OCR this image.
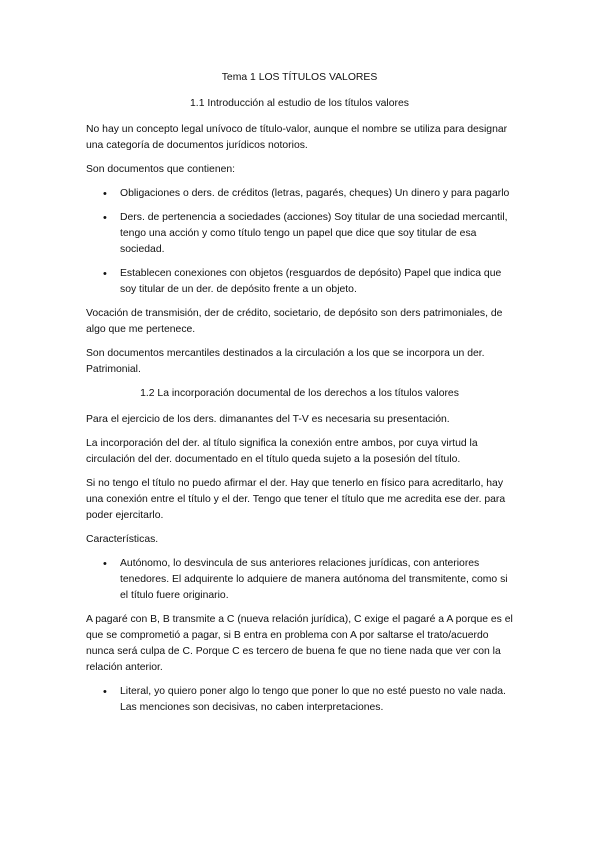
Tema 1 LOS TÍTULOS VALORES

1.1 Introducción al estudio de los títulos valores

No hay un concepto legal unívoco de título-valor, aunque el nombre se utiliza para designar una categoría de documentos jurídicos notorios.

Son documentos que contienen:

• Obligaciones o ders. de créditos (letras, pagarés, cheques) Un dinero y para pagarlo
• Ders. de pertenencia a sociedades (acciones) Soy titular de una sociedad mercantil, tengo una acción y como título tengo un papel que dice que soy titular de esa sociedad.
• Establecen conexiones con objetos (resguardos de depósito) Papel que indica que soy titular de un der. de depósito frente a un objeto.

Vocación de transmisión, der de crédito, societario, de depósito son ders patrimoniales, de algo que me pertenece.

Son documentos mercantiles destinados a la circulación a los que se incorpora un der. Patrimonial.

1.2 La incorporación documental de los derechos a los títulos valores

Para el ejercicio de los ders. dimanantes del T-V es necesaria su presentación.

La incorporación del der. al título significa la conexión entre ambos, por cuya virtud la circulación del der. documentado en el título queda sujeto a la posesión del título.

Si no tengo el título no puedo afirmar el der. Hay que tenerlo en físico para acreditarlo, hay una conexión entre el título y el der. Tengo que tener el título que me acredita ese der. para poder ejercitarlo.

Características.

• Autónomo, lo desvincula de sus anteriores relaciones jurídicas, con anteriores tenedores. El adquirente lo adquiere de manera autónoma del transmitente, como si el título fuere originario.

A pagaré con B, B transmite a C (nueva relación jurídica), C exige el pagaré a A porque es el que se comprometió a pagar, si B entra en problema con A por saltarse el trato/acuerdo nunca será culpa de C. Porque C es tercero de buena fe que no tiene nada que ver con la relación anterior.

• Literal, yo quiero poner algo lo tengo que poner lo que no esté puesto no vale nada. Las menciones son decisivas, no caben interpretaciones.
